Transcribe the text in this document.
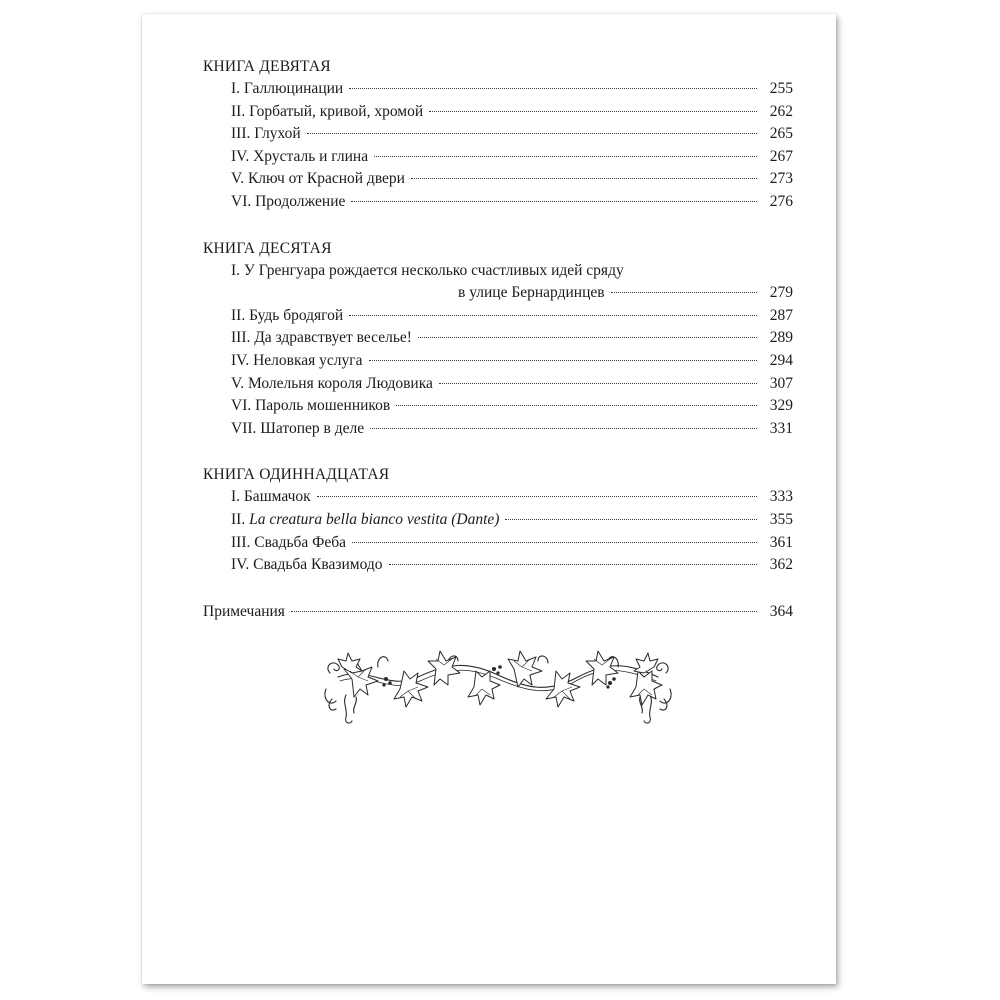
КНИГА ДЕВЯТАЯ
I. Галлюцинации	255
II. Горбатый, кривой, хромой	262
III. Глухой	265
IV. Хрусталь и глина	267
V. Ключ от Красной двери	273
VI. Продолжение	276
КНИГА ДЕСЯТАЯ
I. У Гренгуара рождается несколько счастливых идей сряду
в улице Бернардинцев	279
II. Будь бродягой	287
III. Да здравствует веселье!	289
IV. Неловкая услуга	294
V. Молельня короля Людовика	307
VI. Пароль мошенников	329
VII. Шатопер в деле	331
КНИГА ОДИННАДЦАТАЯ
I. Башмачок	333
II. La creatura bella bianco vestita (Dante)	355
III. Свадьба Феба	361
IV. Свадьба Квазимодо	362
Примечания	364
